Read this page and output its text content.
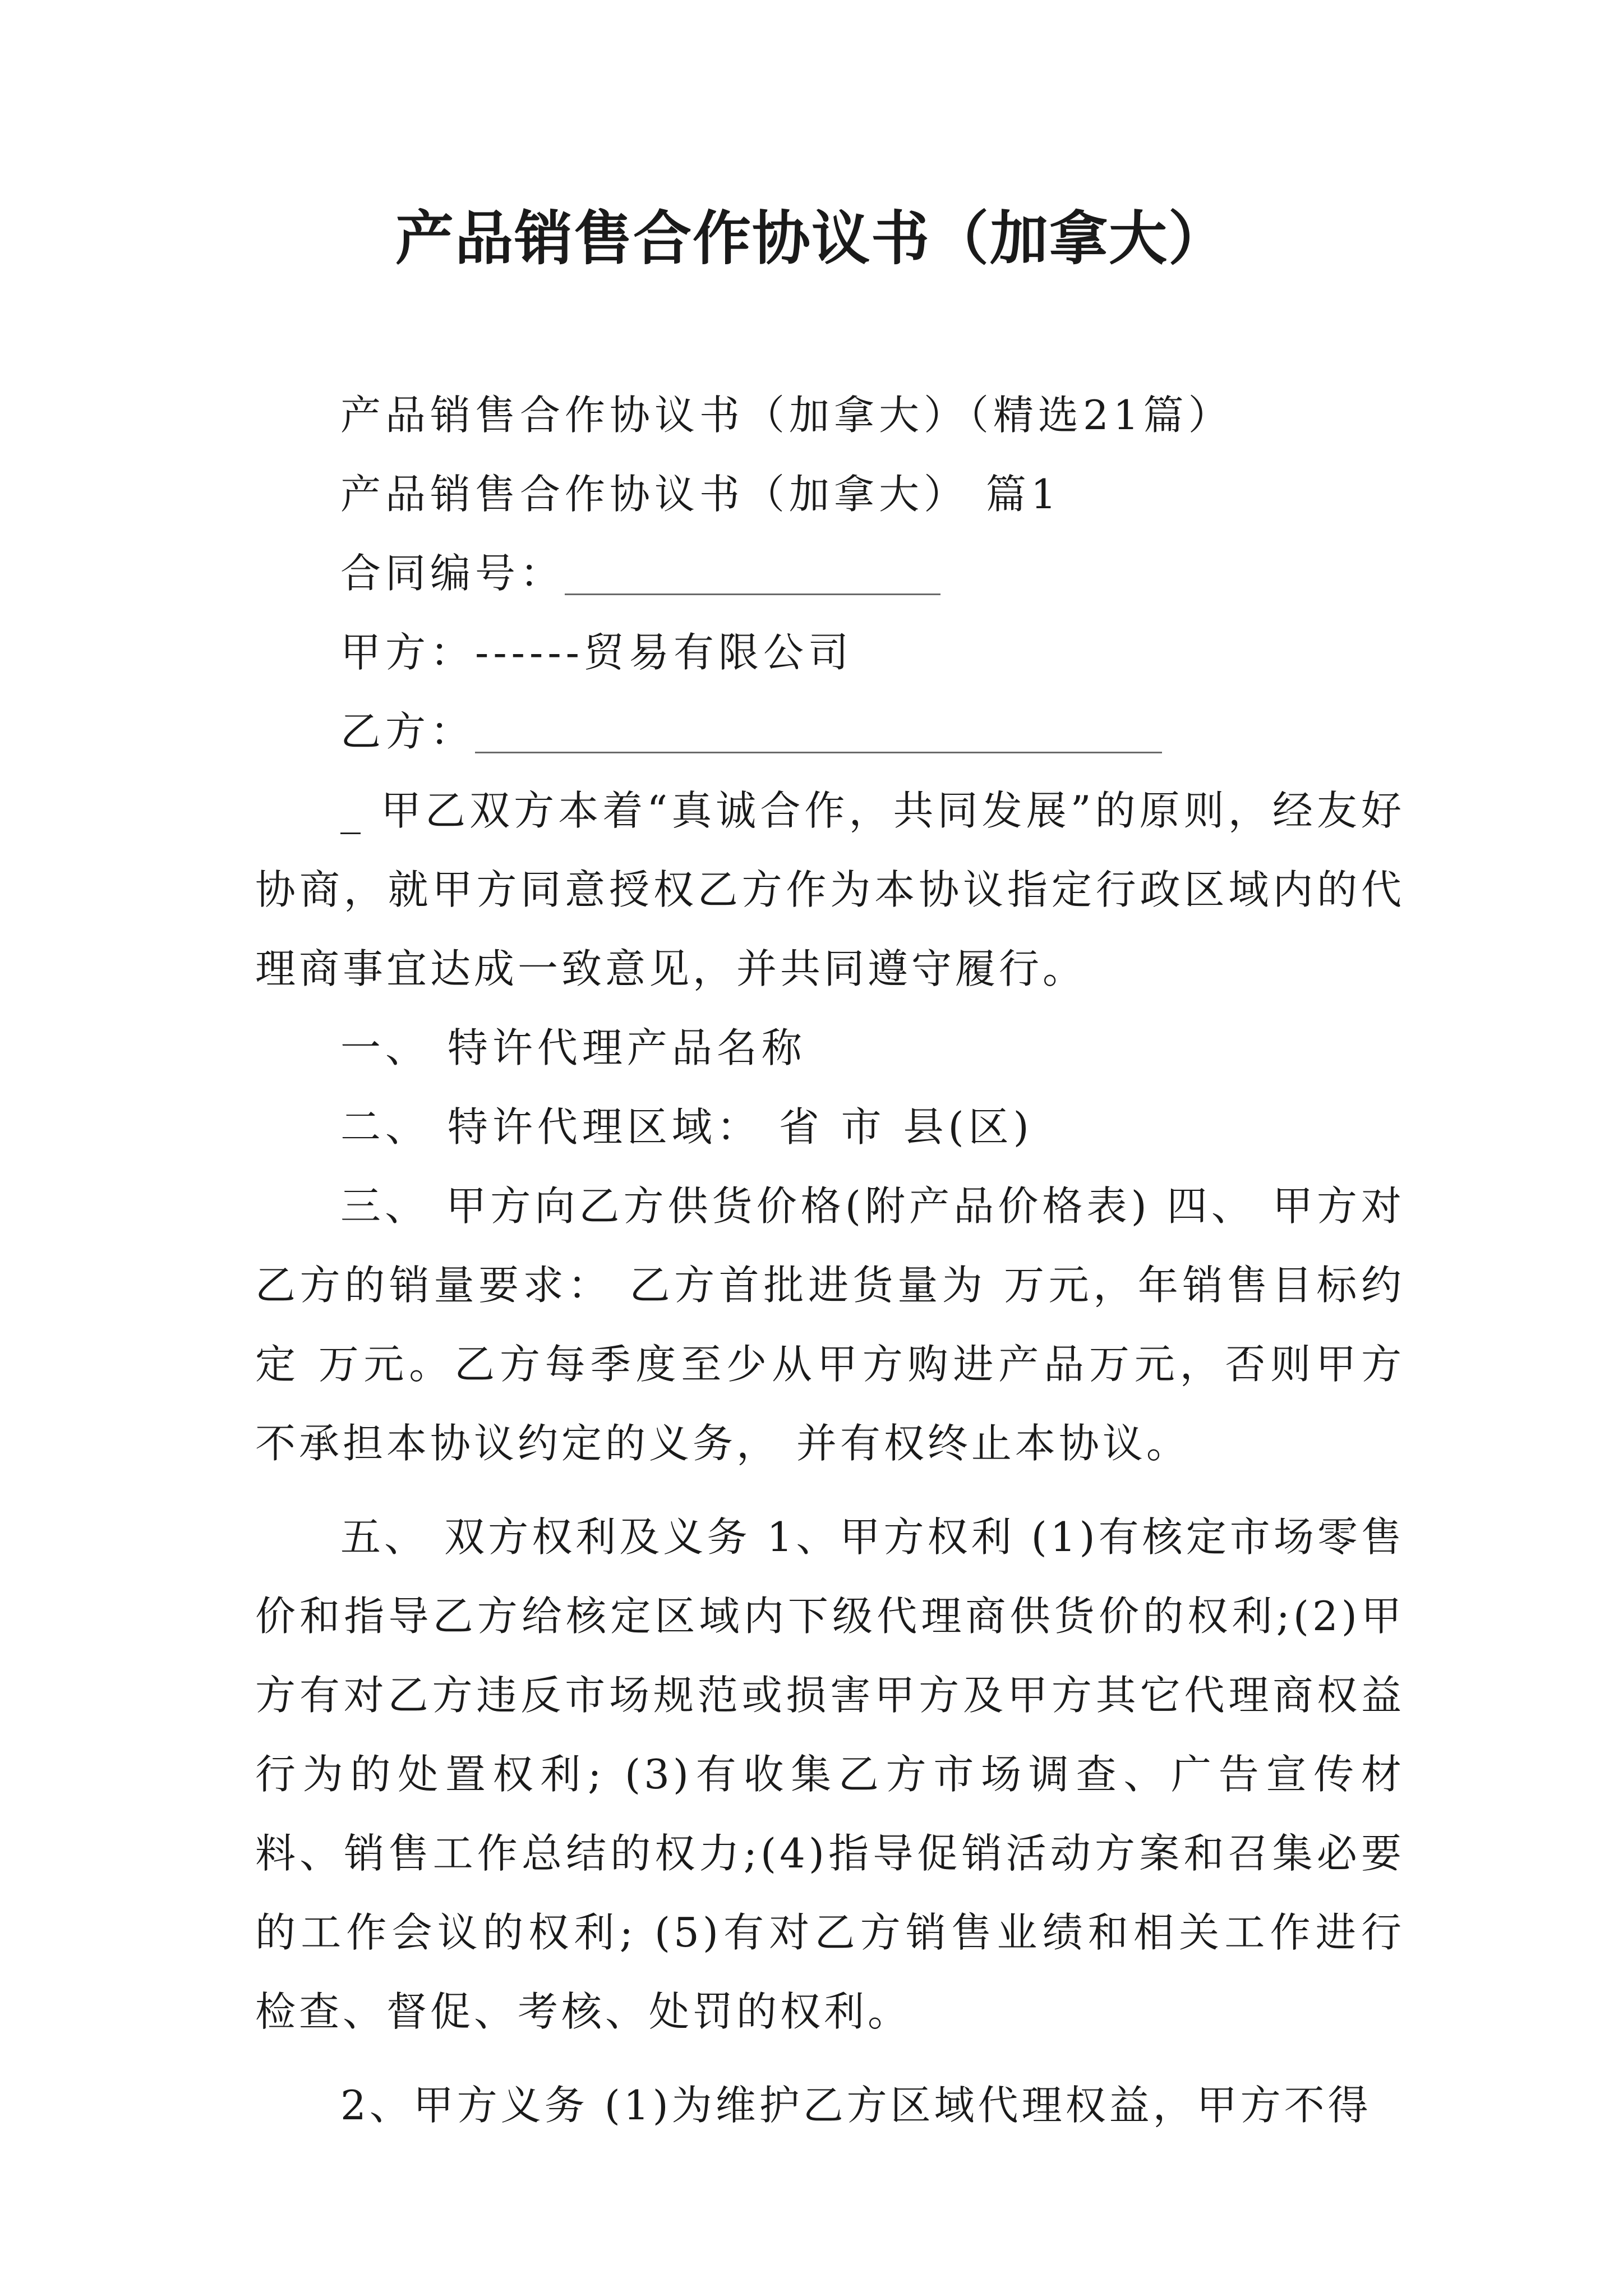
产品销售合作协议书（加拿大）
产品销售合作协议书（加拿大）（精选21篇）
产品销售合作协议书（加拿大） 篇1
合同编号：
甲方：------贸易有限公司
乙方：
_ 甲乙双方本着“真诚合作，共同发展”的原则，经友好协商，就甲方同意授权乙方作为本协议指定行政区域内的代理商事宜达成一致意见，并共同遵守履行。
一、 特许代理产品名称
二、 特许代理区域： 省 市 县(区)
三、 甲方向乙方供货价格(附产品价格表) 四、 甲方对乙方的销量要求： 乙方首批进货量为 万元，年销售目标约定 万元。乙方每季度至少从甲方购进产品万元，否则甲方不承担本协议约定的义务， 并有权终止本协议。
五、 双方权利及义务 1、甲方权利 (1)有核定市场零售价和指导乙方给核定区域内下级代理商供货价的权利;(2)甲方有对乙方违反市场规范或损害甲方及甲方其它代理商权益行为的处置权利; (3)有收集乙方市场调查、广告宣传材料、销售工作总结的权力;(4)指导促销活动方案和召集必要的工作会议的权利; (5)有对乙方销售业绩和相关工作进行检查、督促、考核、处罚的权利。
2、甲方义务 (1)为维护乙方区域代理权益，甲方不得
